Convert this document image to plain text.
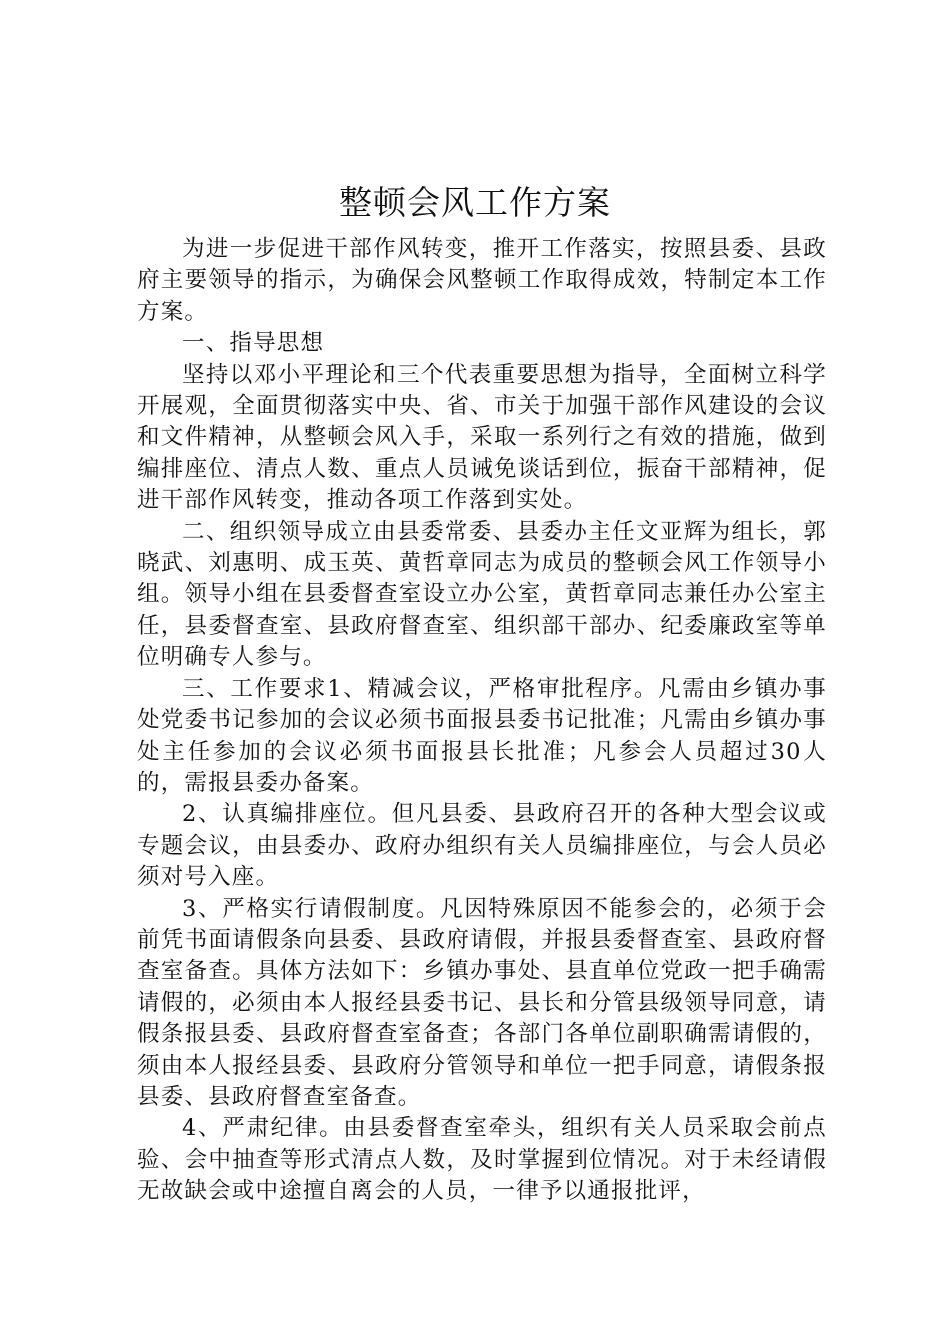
整顿会风工作方案

为进一步促进干部作风转变，推开工作落实，按照县委、县政府主要领导的指示，为确保会风整顿工作取得成效，特制定本工作方案。

一、指导思想

坚持以邓小平理论和三个代表重要思想为指导，全面树立科学开展观，全面贯彻落实中央、省、市关于加强干部作风建设的会议和文件精神，从整顿会风入手，采取一系列行之有效的措施，做到编排座位、清点人数、重点人员诫免谈话到位，振奋干部精神，促进干部作风转变，推动各项工作落到实处。

二、组织领导成立由县委常委、县委办主任文亚辉为组长，郭晓武、刘惠明、成玉英、黄哲章同志为成员的整顿会风工作领导小组。领导小组在县委督查室设立办公室，黄哲章同志兼任办公室主任，县委督查室、县政府督查室、组织部干部办、纪委廉政室等单位明确专人参与。

三、工作要求1、精减会议，严格审批程序。凡需由乡镇办事处党委书记参加的会议必须书面报县委书记批准；凡需由乡镇办事处主任参加的会议必须书面报县长批准；凡参会人员超过30人的，需报县委办备案。

2、认真编排座位。但凡县委、县政府召开的各种大型会议或专题会议，由县委办、政府办组织有关人员编排座位，与会人员必须对号入座。

3、严格实行请假制度。凡因特殊原因不能参会的，必须于会前凭书面请假条向县委、县政府请假，并报县委督查室、县政府督查室备查。具体方法如下：乡镇办事处、县直单位党政一把手确需请假的，必须由本人报经县委书记、县长和分管县级领导同意，请假条报县委、县政府督查室备查；各部门各单位副职确需请假的，须由本人报经县委、县政府分管领导和单位一把手同意，请假条报县委、县政府督查室备查。

4、严肃纪律。由县委督查室牵头，组织有关人员采取会前点验、会中抽查等形式清点人数，及时掌握到位情况。对于未经请假无故缺会或中途擅自离会的人员，一律予以通报批评，
